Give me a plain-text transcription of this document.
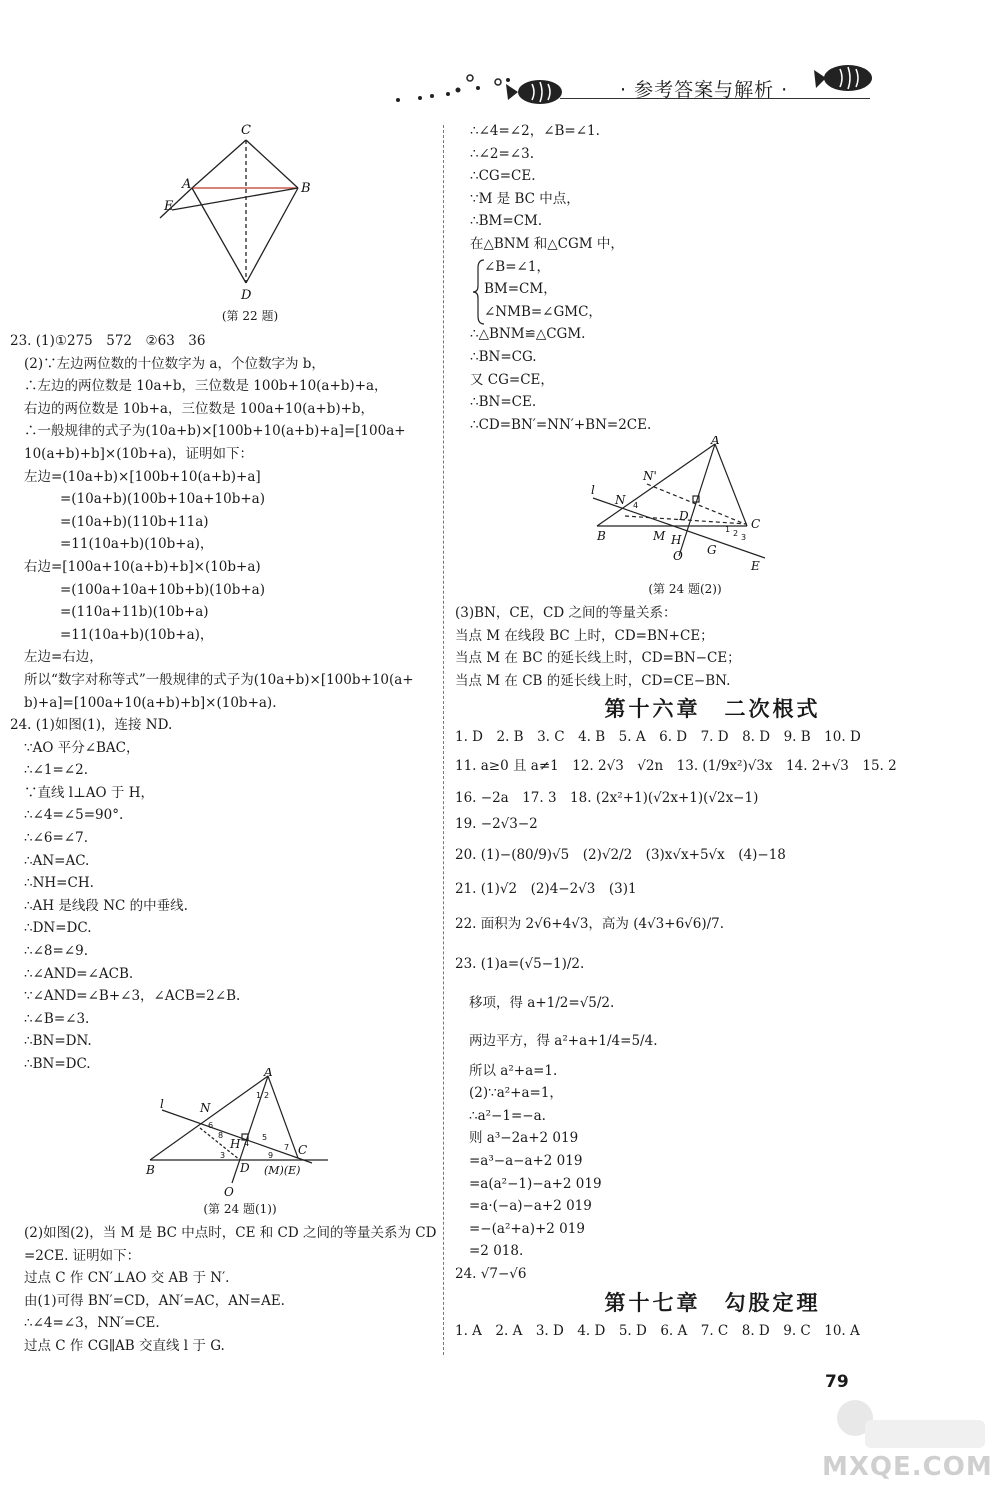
· 参考答案与解析 ·
C
A	B
E
D
(第 22 题)
23. (1)①275　572　②63　36
(2)∵左边两位数的十位数字为 a，个位数字为 b，
∴左边的两位数是 10a+b，三位数是 100b+10(a+b)+a，
右边的两位数是 10b+a，三位数是 100a+10(a+b)+b，
∴一般规律的式子为(10a+b)×[100b+10(a+b)+a]=[100a+
10(a+b)+b]×(10b+a)，证明如下：
左边=(10a+b)×[100b+10(a+b)+a]
=(10a+b)(100b+10a+10b+a)
=(10a+b)(110b+11a)
=11(10a+b)(10b+a)，
右边=[100a+10(a+b)+b]×(10b+a)
=(100a+10a+10b+b)(10b+a)
=(110a+11b)(10b+a)
=11(10a+b)(10b+a)，
左边=右边，
所以“数字对称等式”一般规律的式子为(10a+b)×[100b+10(a+
b)+a]=[100a+10(a+b)+b]×(10b+a).
24. (1)如图(1)，连接 ND.
∵AO 平分∠BAC，
∴∠1=∠2.
∵直线 l⊥AO 于 H，
∴∠4=∠5=90°.
∴∠6=∠7.
∴AN=AC.
∴NH=CH.
∴AH 是线段 NC 的中垂线.
∴DN=DC.
∴∠8=∠9.
∴∠AND=∠ACB.
∵∠AND=∠B+∠3，∠ACB=2∠B.
∴∠B=∠3.
∴BN=DN.
∴BN=DC.	A
l	N
B	D
O
C
(M)(E)
H
1 2
3
4
5
6
7
8
9
(第 24 题(1))
(2)如图(2)，当 M 是 BC 中点时，CE 和 CD 之间的等量关系为 CD
=2CE. 证明如下：
过点 C 作 CN′⊥AO 交 AB 于 N′.
由(1)可得 BN′=CD，AN′=AC，AN=AE.
∴∠4=∠3，NN′=CE.
过点 C 作 CG∥AB 交直线 l 于 G.
∴∠4=∠2，∠B=∠1.
∴∠2=∠3.
∴CG=CE.
∵M 是 BC 中点，
∴BM=CM.
在△BNM 和△CGM 中，
∠B=∠1，
BM=CM，
∠NMB=∠GMC，
∴△BNM≌△CGM.
∴BN=CG.
又 CG=CE，
∴BN=CE.
∴CD=BN′=NN′+BN=2CE.
A
l
N
N'
B
D
M H
O G
C
E
1 2 3
4
(第 24 题(2))
(3)BN，CE，CD 之间的等量关系：
当点 M 在线段 BC 上时，CD=BN+CE；
当点 M 在 BC 的延长线上时，CD=BN−CE；
当点 M 在 CB 的延长线上时，CD=CE−BN.
第十六章　二次根式
1. D　2. B　3. C　4. B　5. A　6. D　7. D　8. D　9. B　10. D
11. a≥0 且 a≠1　12. 2√3　√2n　13. (1/9x²)√3x　14. 2+√3　15. 2
16. −2a　17. 3　18. (2x²+1)(√2x+1)(√2x−1)
19. −2√3−2
20. (1)−(80/9)√5　(2)√2/2　(3)x√x+5√x　(4)−18
21. (1)√2　(2)4−2√3　(3)1
22. 面积为 2√6+4√3，高为 (4√3+6√6)/7.
23. (1)a=(√5−1)/2.
移项，得 a+1/2=√5/2.
两边平方，得 a²+a+1/4=5/4.
所以 a²+a=1.
(2)∵a²+a=1，
∴a²−1=−a.
则 a³−2a+2 019
=a³−a−a+2 019
=a(a²−1)−a+2 019
=a·(−a)−a+2 019
=−(a²+a)+2 019
=2 018.
24. √7−√6
第十七章　勾股定理
1. A　2. A　3. D　4. D　5. D　6. A　7. C　8. D　9. C　10. A
79
MXQE.COM
